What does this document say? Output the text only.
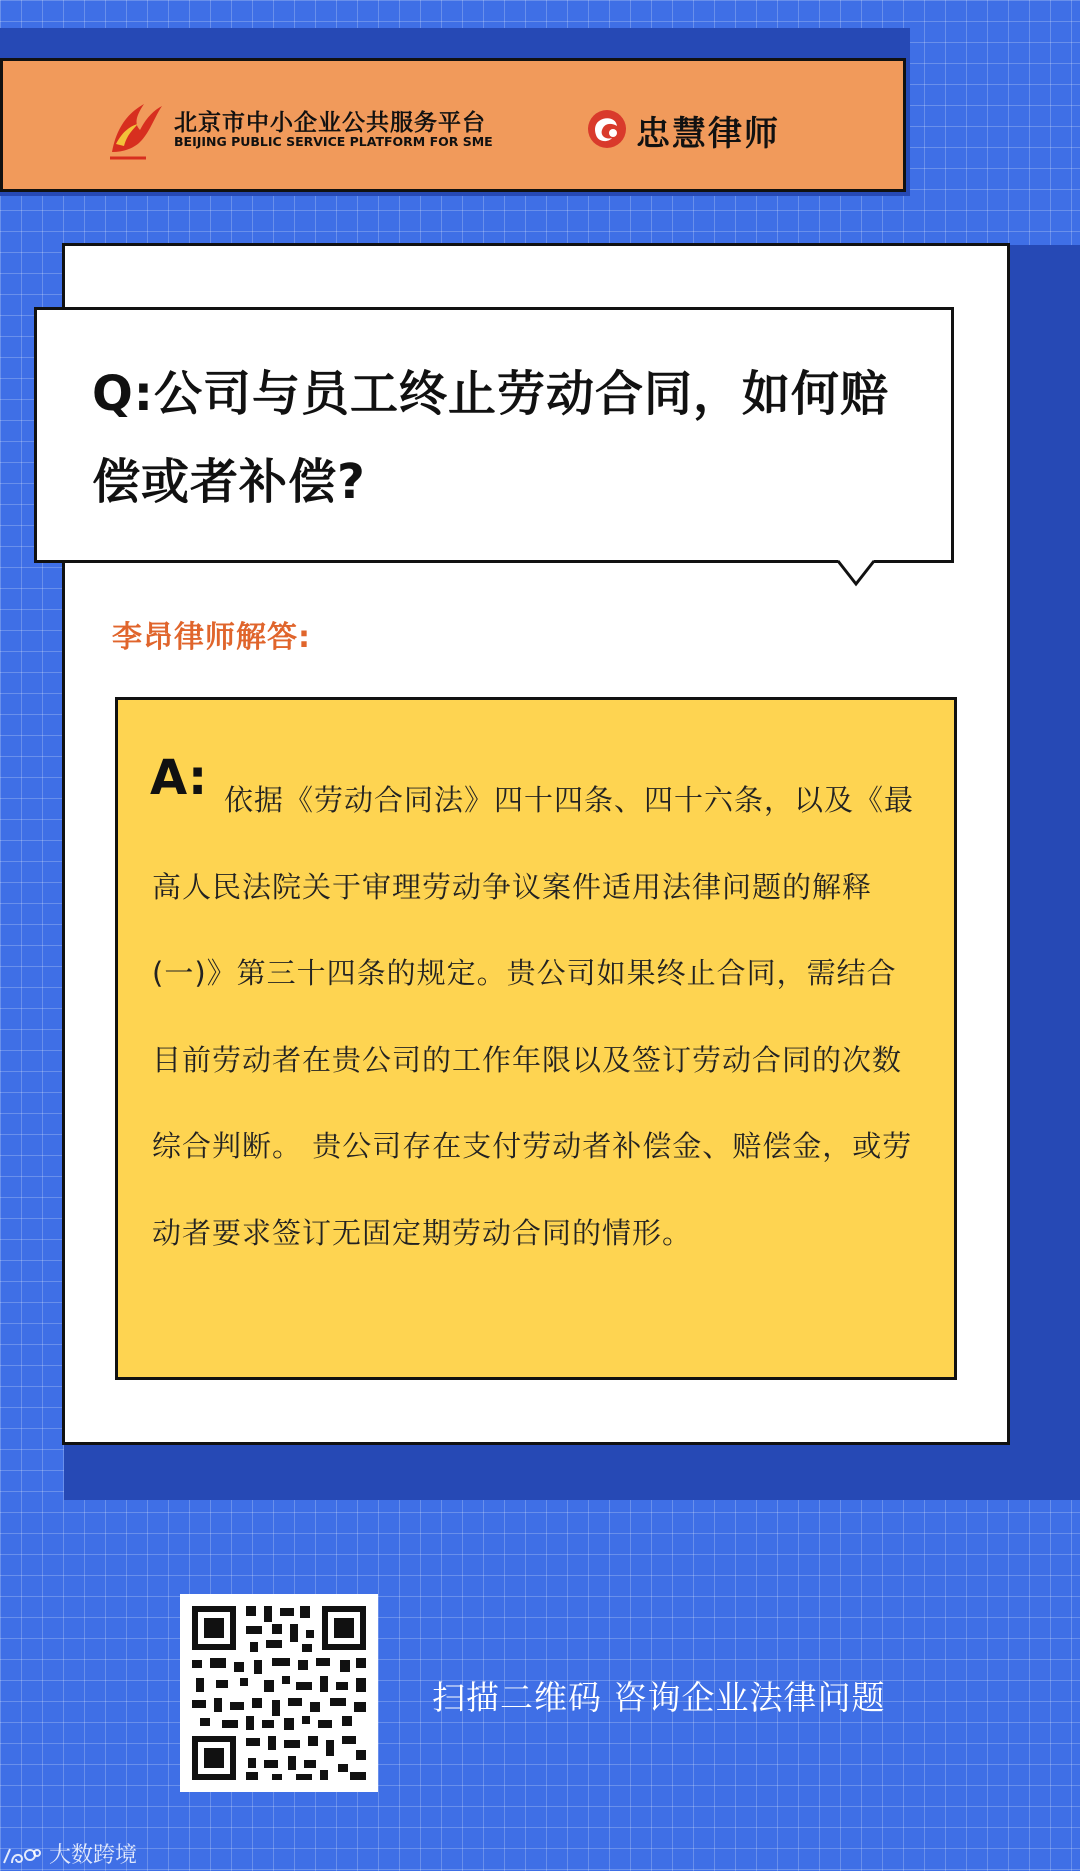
北京市中小企业公共服务平台
BEIJING PUBLIC SERVICE PLATFORM FOR SME	忠慧律师
Q:公司与员工终止劳动合同，如何赔偿或者补偿?
李昂律师解答:
A: 依据《劳动合同法》四十四条、四十六条，以及《最高人民法院关于审理劳动争议案件适用法律问题的解释(一)》第三十四条的规定。贵公司如果终止合同，需结合目前劳动者在贵公司的工作年限以及签订劳动合同的次数综合判断。 贵公司存在支付劳动者补偿金、赔偿金，或劳动者要求签订无固定期劳动合同的情形。
扫描二维码 咨询企业法律问题
大数跨境
